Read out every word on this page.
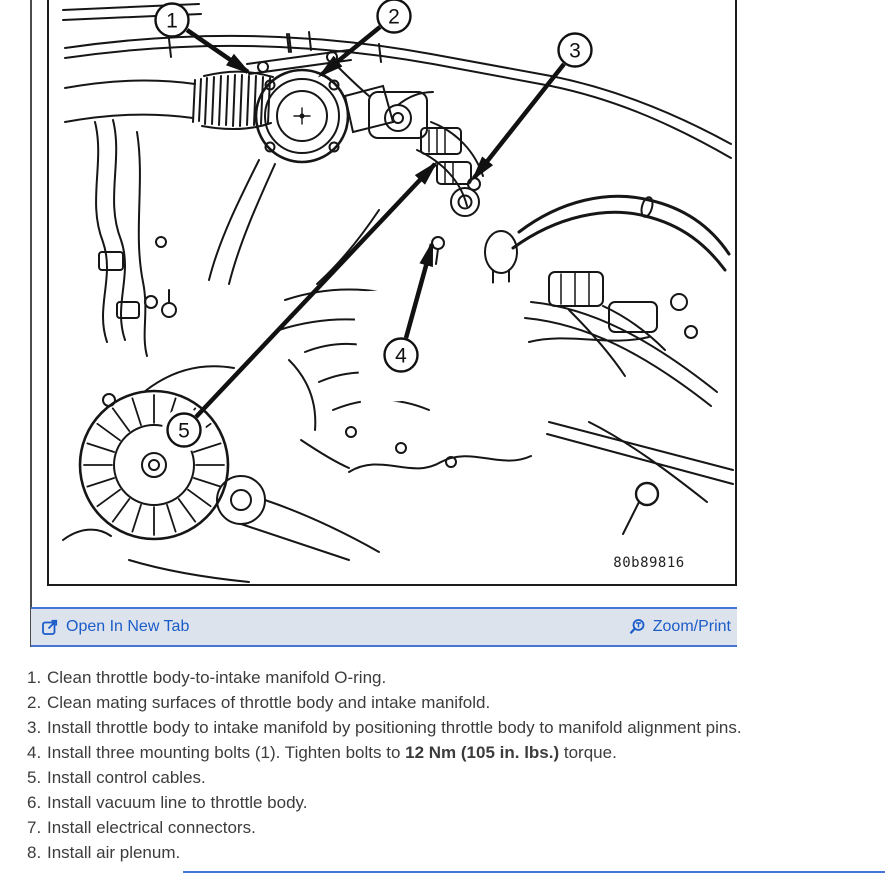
1	2
3
4
5
80b89816
Open In New Tab	Zoom/Print
1. Clean throttle body-to-intake manifold O-ring.
2. Clean mating surfaces of throttle body and intake manifold.
3. Install throttle body to intake manifold by positioning throttle body to manifold alignment pins.
4. Install three mounting bolts (1). Tighten bolts to 12 Nm (105 in. lbs.) torque.
5. Install control cables.
6. Install vacuum line to throttle body.
7. Install electrical connectors.
8. Install air plenum.
